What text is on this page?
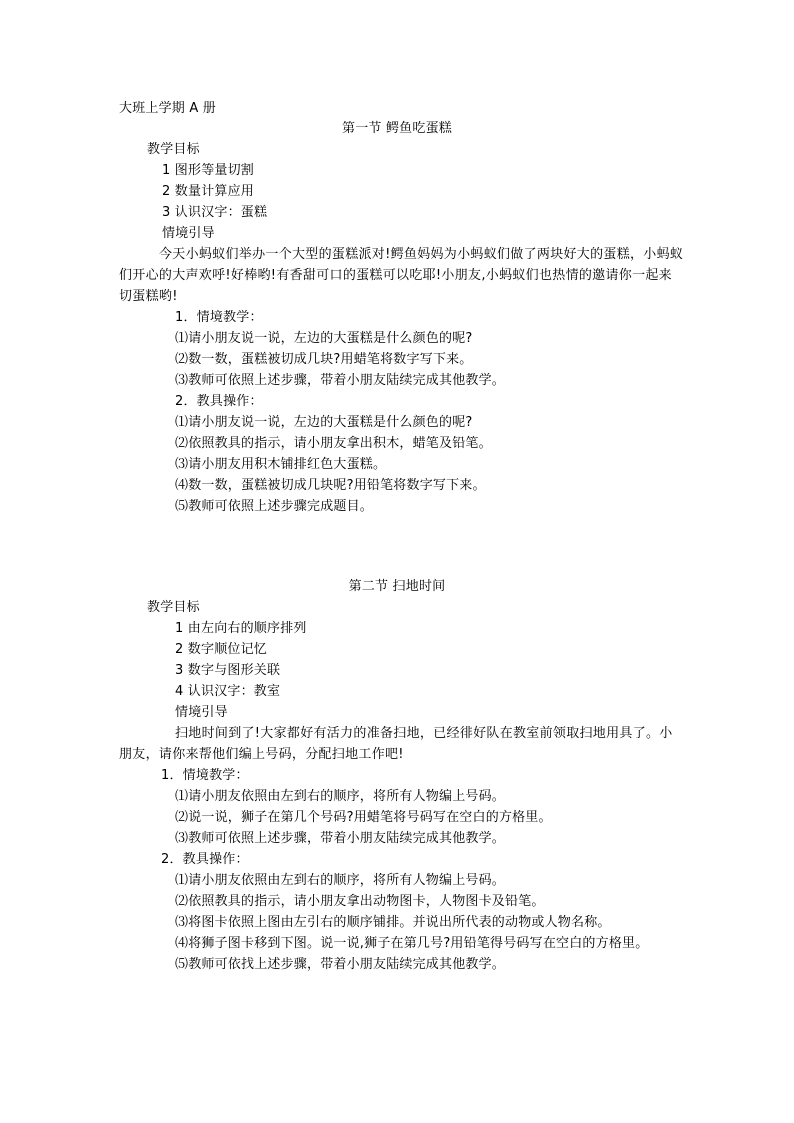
大班上学期 A 册
第一节 鳄鱼吃蛋糕
教学目标
1 图形等量切割
2 数量计算应用
3 认识汉字：蛋糕
情境引导
今天小蚂蚁们举办一个大型的蛋糕派对!鳄鱼妈妈为小蚂蚁们做了两块好大的蛋糕，小蚂蚁们开心的大声欢呼!好棒哟!有香甜可口的蛋糕可以吃耶!小朋友,小蚂蚁们也热情的邀请你一起来切蛋糕哟!
1．情境教学：
⑴请小朋友说一说，左边的大蛋糕是什么颜色的呢?
⑵数一数，蛋糕被切成几块?用蜡笔将数字写下来。
⑶教师可依照上述步骤，带着小朋友陆续完成其他教学。
2．教具操作：
⑴请小朋友说一说，左边的大蛋糕是什么颜色的呢?
⑵依照教具的指示，请小朋友拿出积木，蜡笔及铅笔。
⑶请小朋友用积木铺排红色大蛋糕。
⑷数一数，蛋糕被切成几块呢?用铅笔将数字写下来。
⑸教师可依照上述步骤完成题目。
第二节 扫地时间
教学目标
1 由左向右的顺序排列
2 数字顺位记忆
3 数字与图形关联
4 认识汉字：教室
情境引导
扫地时间到了!大家都好有活力的准备扫地，已经徘好队在教室前领取扫地用具了。小朋友，请你来帮他们编上号码，分配扫地工作吧!
1．情境教学：
⑴请小朋友依照由左到右的顺序，将所有人物编上号码。
⑵说一说，狮子在第几个号码?用蜡笔将号码写在空白的方格里。
⑶教师可依照上述步骤，带着小朋友陆续完成其他教学。
2．教具操作：
⑴请小朋友依照由左到右的顺序，将所有人物编上号码。
⑵依照教具的指示，请小朋友拿出动物图卡，人物图卡及铅笔。
⑶将图卡依照上图由左引右的顺序铺排。并说出所代表的动物或人物名称。
⑷将狮子图卡移到下图。说一说,狮子在第几号?用铅笔得号码写在空白的方格里。
⑸教师可依找上述步骤，带着小朋友陆续完成其他教学。
